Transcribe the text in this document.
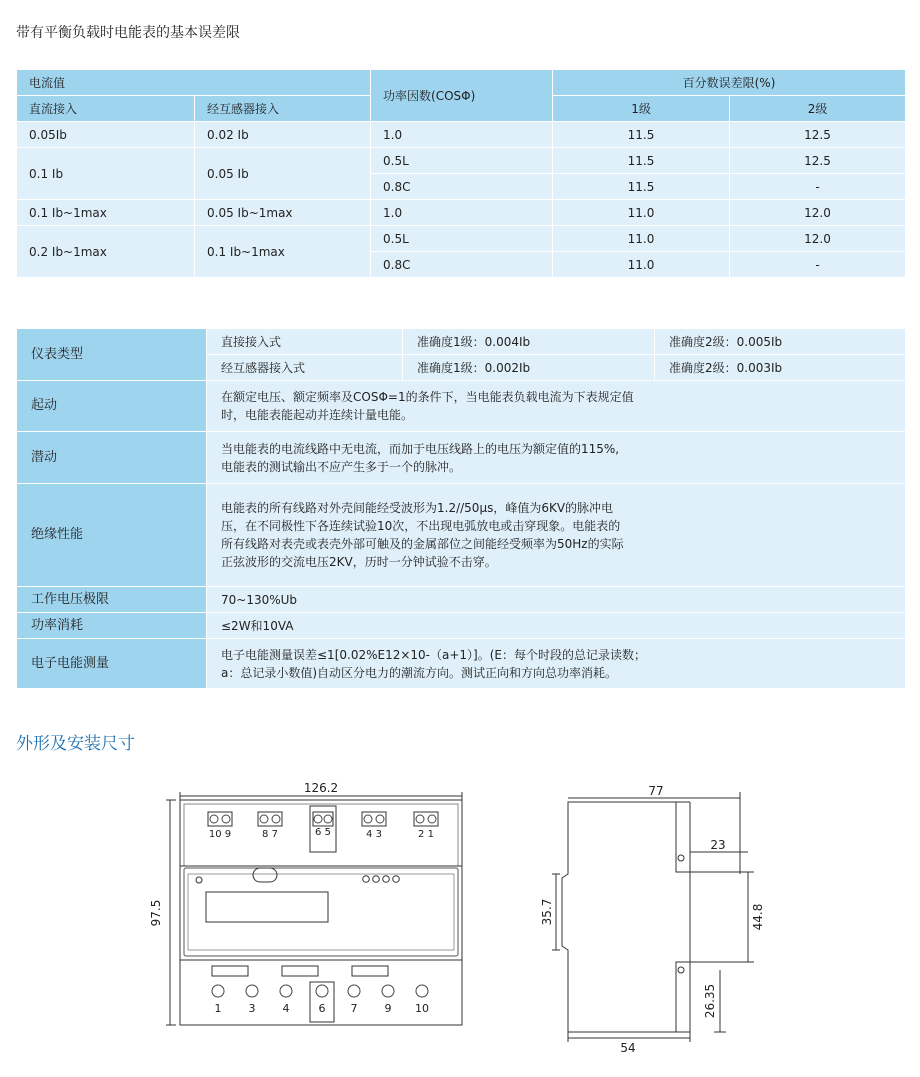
带有平衡负载时电能表的基本误差限
电流值		功率因数(COSΦ)	百分数误差限(%)	
直流接入	经互感器接入		1级	2级
0.05Ib	0.02 Ib	1.0	11.5	12.5
0.1 Ib	0.05 Ib	0.5L	11.5	12.5
		0.8C	11.5	-
0.1 Ib~1max	0.05 Ib~1max	1.0	11.0	12.0
0.2 Ib~1max	0.1 Ib~1max	0.5L	11.0	12.0
		0.8C	11.0	-
仪表类型	直接接入式	准确度1级：0.004Ib	准确度2级：0.005Ib
	经互感器接入式	准确度1级：0.002Ib	准确度2级：0.003Ib
起动	在额定电压、额定频率及COSΦ=1的条件下，当电能表负载电流为下表规定值
时，电能表能起动并连续计量电能。		

潜动	当电能表的电流线路中无电流，而加于电压线路上的电压为额定值的115%,
电能表的测试输出不应产生多于一个的脉冲。		

绝缘性能	电能表的所有线路对外壳间能经受波形为1.2//50μs，峰值为6KV的脉冲电
压，在不同极性下各连续试验10次，不出现电弧放电或击穿现象。电能表的
所有线路对表壳或表壳外部可触及的金属部位之间能经受频率为50Hz的实际
正弦波形的交流电压2KV，历时一分钟试验不击穿。		

工作电压极限	70~130%Ub		
功率消耗	≤2W和10VA		
电子电能测量	电子电能测量误差≤1[0.02%E12×10-（a+1）]。(E：每个时段的总记录读数；
a：总记录小数值)自动区分电力的潮流方向。测试正向和方向总功率消耗。		
外形及安装尺寸
126.2
97.5
10 9	8 7	6 5	4 3	2 1
1 3 4	6 7 9 10
77
23
35.7	44.8
26.35
54
